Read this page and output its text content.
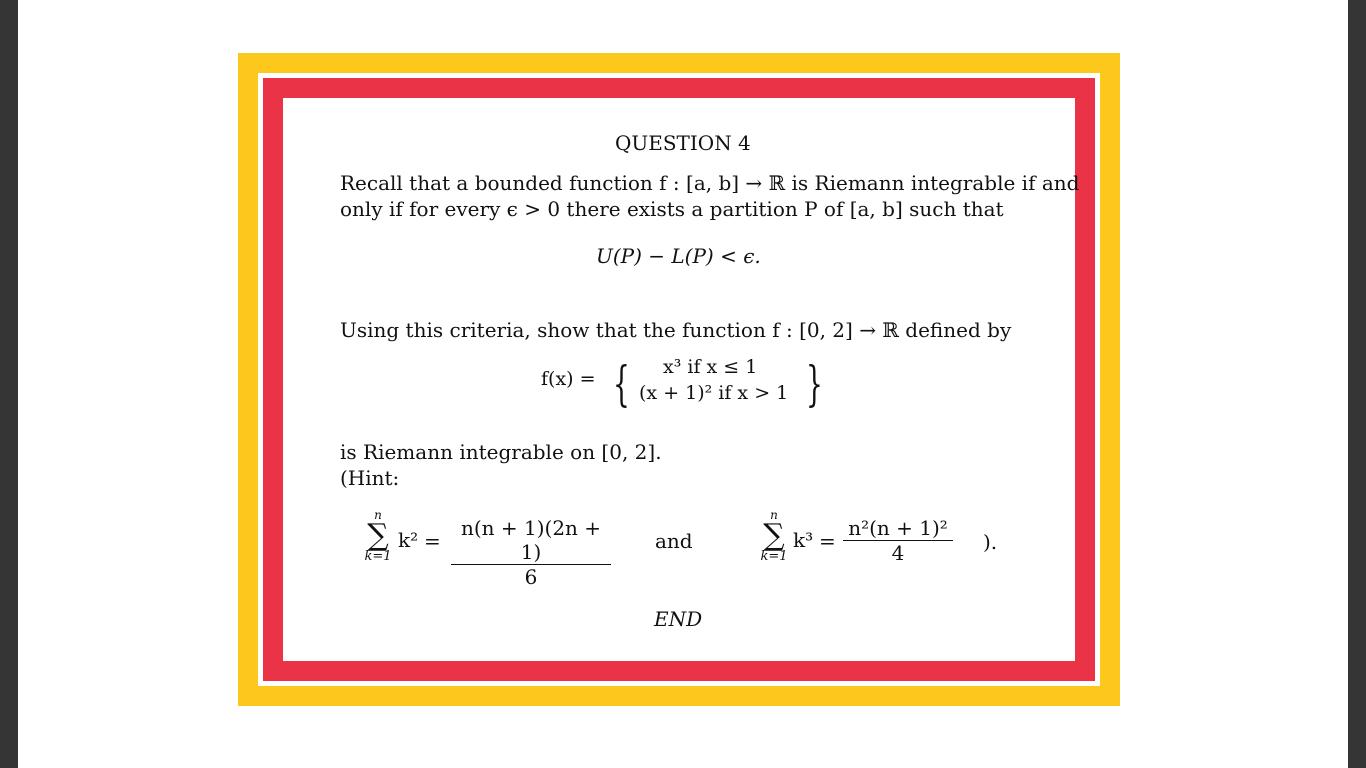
QUESTION 4
Recall that a bounded function f : [a, b] → ℝ is Riemann integrable if and
only if for every ϵ > 0 there exists a partition P of [a, b] such that
U(P) − L(P) < ϵ.
Using this criteria, show that the function f : [0, 2] → ℝ defined by
f(x) = { x³ if x ≤ 1
(x + 1)² if x > 1 }
is Riemann integrable on [0, 2].
(Hint:
n
∑
k=1
$k^2 = \frac{n(n + 1)(2n + 1)}{6}$ and
n
∑
k=1
$k^3 = \frac{\text{n²(n + 1)²}}{4}$ ).
END
